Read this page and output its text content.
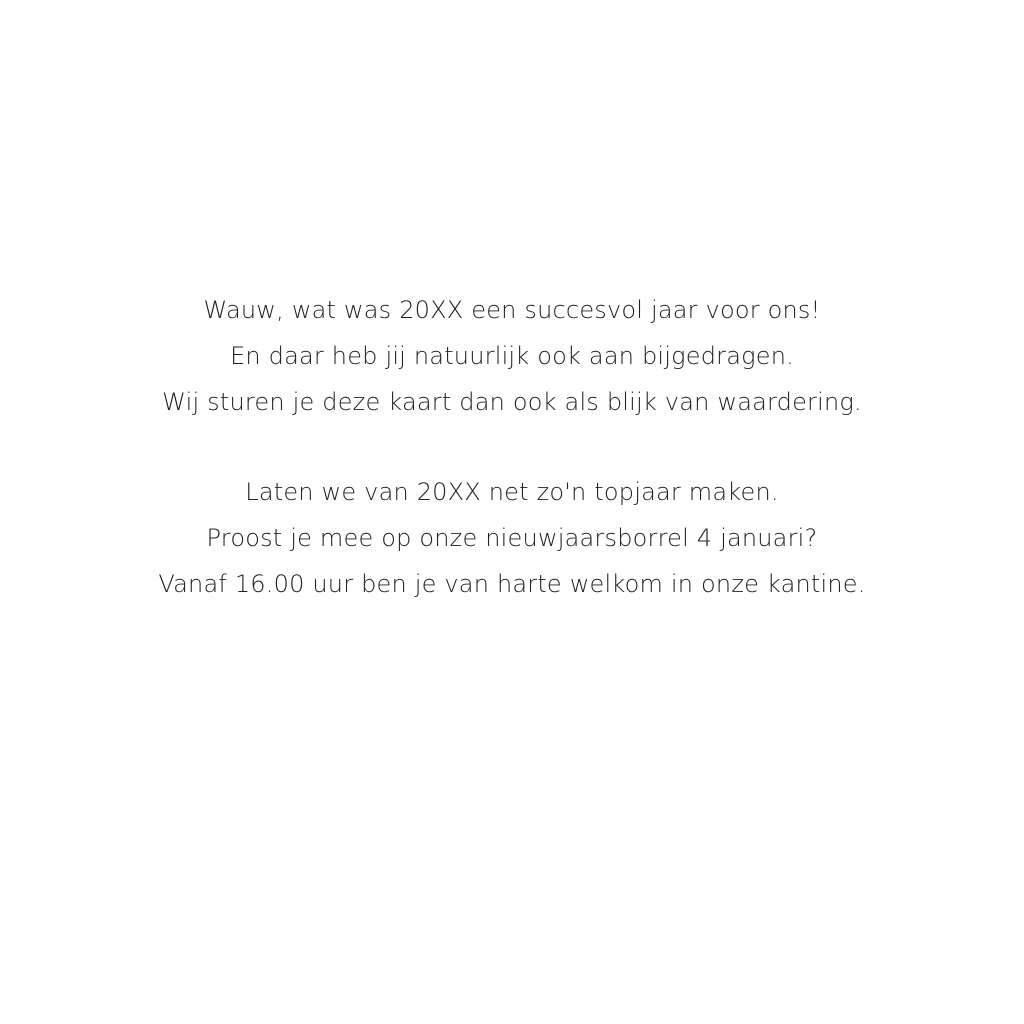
Wauw, wat was 20XX een succesvol jaar voor ons!
En daar heb jij natuurlijk ook aan bijgedragen.
Wij sturen je deze kaart dan ook als blijk van waardering.
Laten we van 20XX net zo'n topjaar maken.
Proost je mee op onze nieuwjaarsborrel 4 januari?
Vanaf 16.00 uur ben je van harte welkom in onze kantine.
